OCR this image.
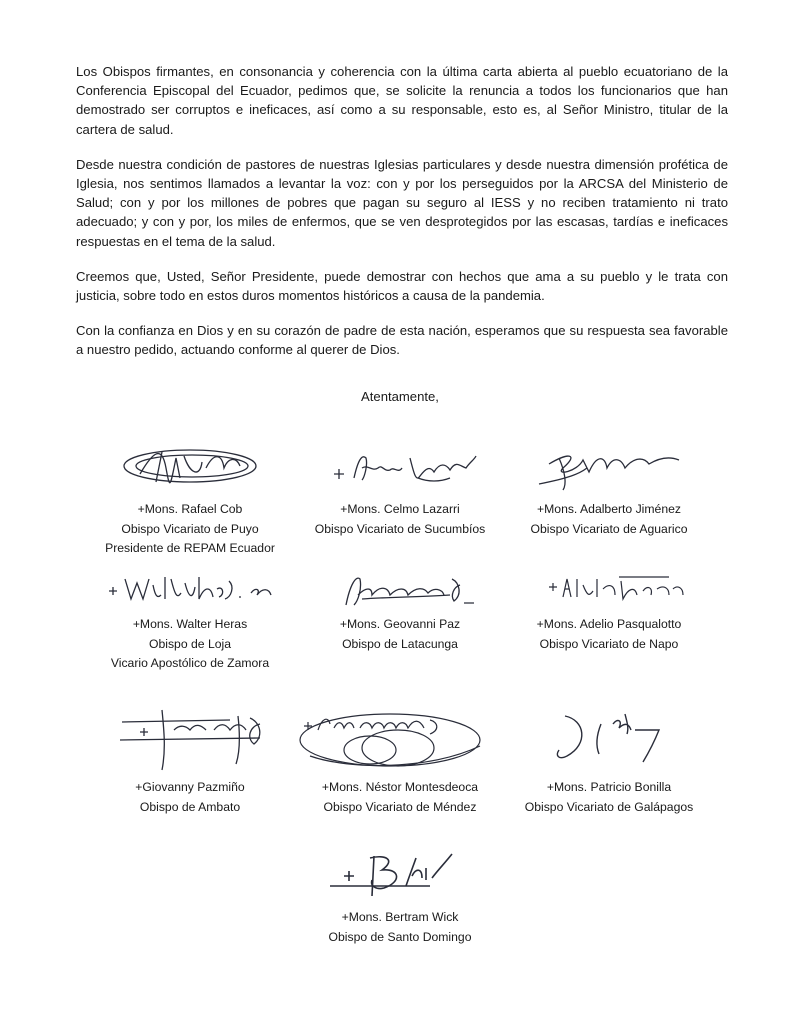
Los Obispos firmantes, en consonancia y coherencia con la última carta abierta al pueblo ecuatoriano de la Conferencia Episcopal del Ecuador, pedimos que, se solicite la renuncia a todos los funcionarios que han demostrado ser corruptos e ineficaces, así como a su responsable, esto es, al Señor Ministro, titular de la cartera de salud.

Desde nuestra condición de pastores de nuestras Iglesias particulares y desde nuestra dimensión profética de Iglesia, nos sentimos llamados a levantar la voz: con y por los perseguidos por la ARCSA del Ministerio de Salud; con y por los millones de pobres que pagan su seguro al IESS y no reciben tratamiento ni trato adecuado; y con y por, los miles de enfermos, que se ven desprotegidos por las escasas, tardías e ineficaces respuestas en el tema de la salud.

Creemos que, Usted, Señor Presidente, puede demostrar con hechos que ama a su pueblo y le trata con justicia, sobre todo en estos duros momentos históricos a causa de la pandemia.

Con la confianza en Dios y en su corazón de padre de esta nación, esperamos que su respuesta sea favorable a nuestro pedido, actuando conforme al querer de Dios.

Atentamente,
+Mons. Rafael Cob
Obispo Vicariato de Puyo
Presidente de REPAM Ecuador
+Mons. Celmo Lazarri
Obispo Vicariato de Sucumbíos
+Mons. Adalberto Jiménez
Obispo Vicariato de Aguarico
+Mons. Walter Heras
Obispo de Loja
Vicario Apostólico de Zamora
+Mons. Geovanni Paz
Obispo de Latacunga
+Mons. Adelio Pasqualotto
Obispo Vicariato de Napo
+Giovanny Pazmiño
Obispo de Ambato
+Mons. Néstor Montesdeoca
Obispo Vicariato de Méndez
+Mons. Patricio Bonilla
Obispo Vicariato de Galápagos
+Mons. Bertram Wick
Obispo de Santo Domingo
